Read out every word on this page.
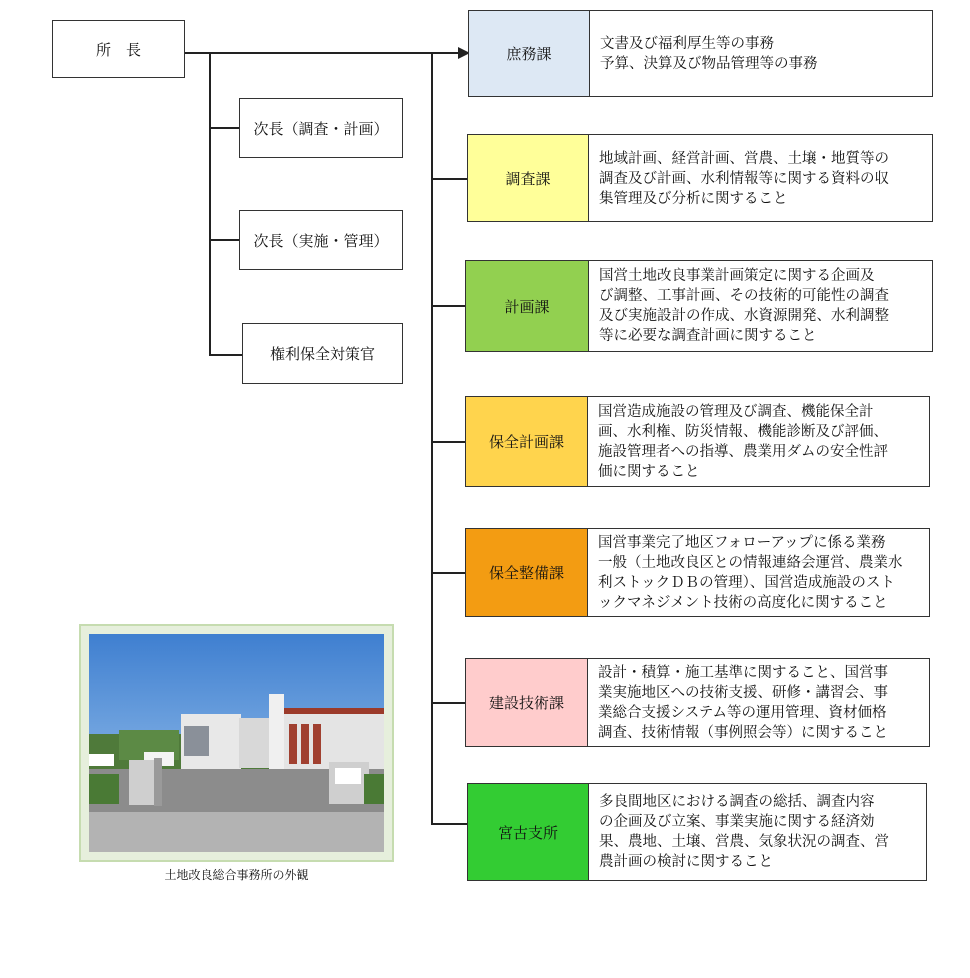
所　長
次長（調査・計画）
次長（実施・管理）
権利保全対策官
庶務課
文書及び福利厚生等の事務
予算、決算及び物品管理等の事務
調査課
地域計画、経営計画、営農、土壌・地質等の
調査及び計画、水利情報等に関する資料の収
集管理及び分析に関すること
計画課
国営土地改良事業計画策定に関する企画及
び調整、工事計画、その技術的可能性の調査
及び実施設計の作成、水資源開発、水利調整
等に必要な調査計画に関すること
保全計画課
国営造成施設の管理及び調査、機能保全計
画、水利権、防災情報、機能診断及び評価、
施設管理者への指導、農業用ダムの安全性評
価に関すること
保全整備課
国営事業完了地区フォローアップに係る業務
一般（土地改良区との情報連絡会運営、農業水
利ストックＤＢの管理）、国営造成施設のスト
ックマネジメント技術の高度化に関すること
建設技術課
設計・積算・施工基準に関すること、国営事
業実施地区への技術支援、研修・講習会、事
業総合支援システム等の運用管理、資材価格
調査、技術情報（事例照会等）に関すること
宮古支所
多良間地区における調査の総括、調査内容
の企画及び立案、事業実施に関する経済効
果、農地、土壌、営農、気象状況の調査、営
農計画の検討に関すること
土地改良総合事務所の外観
